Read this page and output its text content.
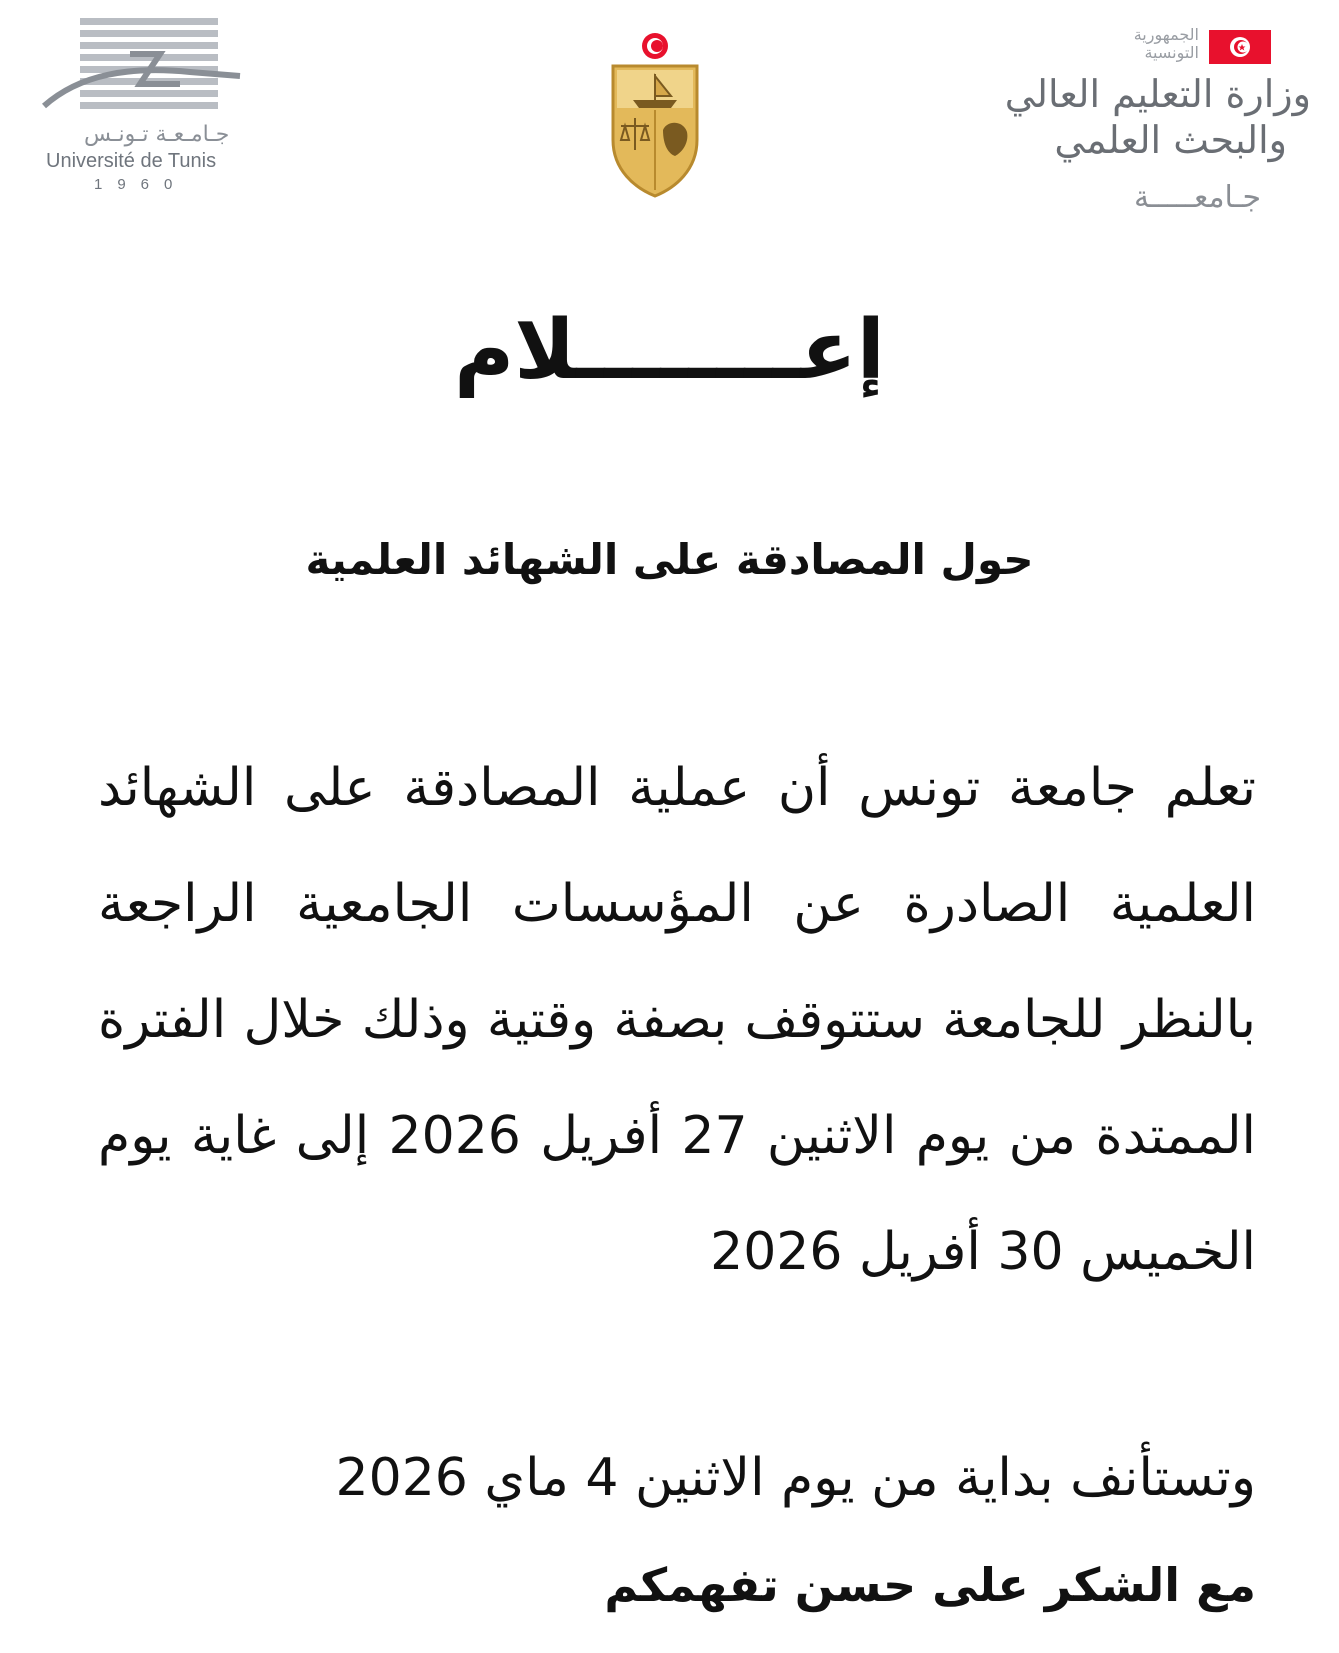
جـامـعـة تـونـس
Université de Tunis
1960
الجمهورية
التونسية
وزارة التعليم العالي
والبحث العلمي
جـامعـــــة
إعــــــــلام
حول المصادقة على الشهائد العلمية
تعلم جامعة تونس أن عملية المصادقة على الشهائد العلمية الصادرة عن المؤسسات الجامعية الراجعة بالنظر للجامعة ستتوقف بصفة وقتية وذلك خلال الفترة الممتدة من يوم الاثنين 27 أفريل 2026 إلى غاية يوم الخميس 30 أفريل 2026
وتستأنف بداية من يوم الاثنين 4 ماي 2026
مع الشكر على حسن تفهمكم
